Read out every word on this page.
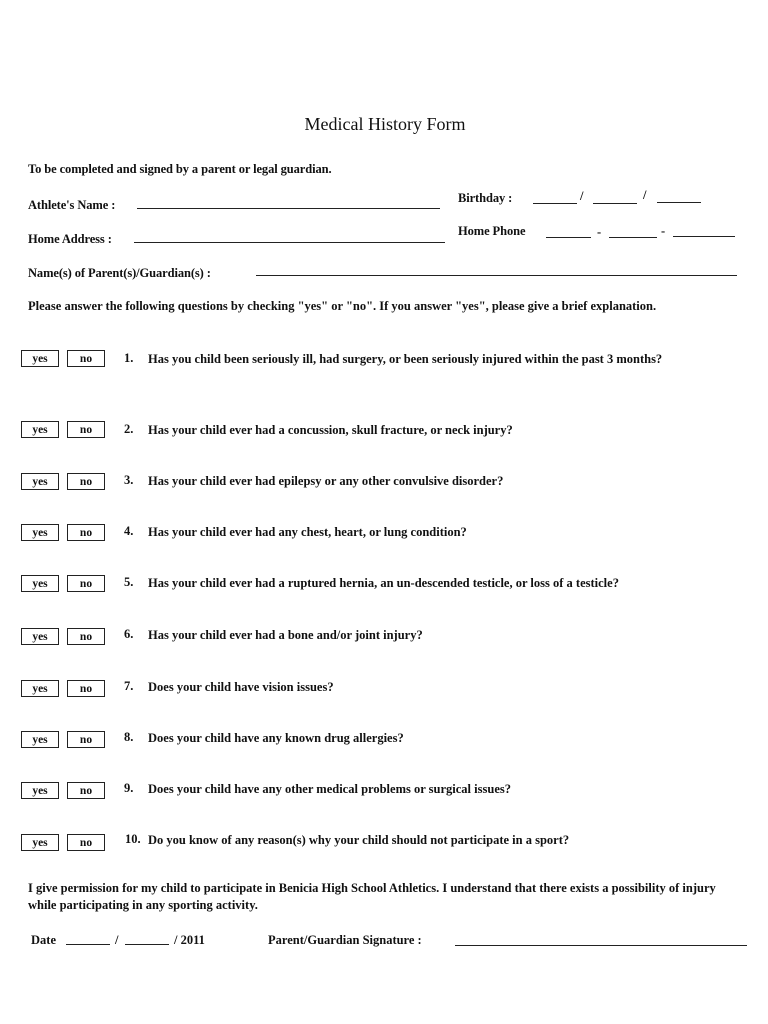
Medical History Form
To be completed and signed by a parent or legal guardian.
Athlete's Name :	Birthday :	/	/
Home Address :
Home Phone	-	-
Name(s) of Parent(s)/Guardian(s) :
Please answer the following questions by checking "yes" or "no". If you answer "yes", please give a brief explanation.
yes	no	1. Has you child been seriously ill, had surgery, or been seriously injured within the past 3 months?
yes	no	2. Has your child ever had a concussion, skull fracture, or neck injury?
yes	no	3. Has your child ever had epilepsy or any other convulsive disorder?
yes	no	4. Has your child ever had any chest, heart, or lung condition?
yes	no	5. Has your child ever had a ruptured hernia, an un-descended testicle, or loss of a testicle?
yes	no	6. Has your child ever had a bone and/or joint injury?
yes	no	7. Does your child have vision issues?
yes	no	8. Does your child have any known drug allergies?
yes	no	9. Does your child have any other medical problems or surgical issues?
yes	no	10. Do you know of any reason(s) why your child should not participate in a sport?
I give permission for my child to participate in Benicia High School Athletics. I understand that there exists a possibility of injury while participating in any sporting activity.
Date	/	/ 2011	Parent/Guardian Signature :
